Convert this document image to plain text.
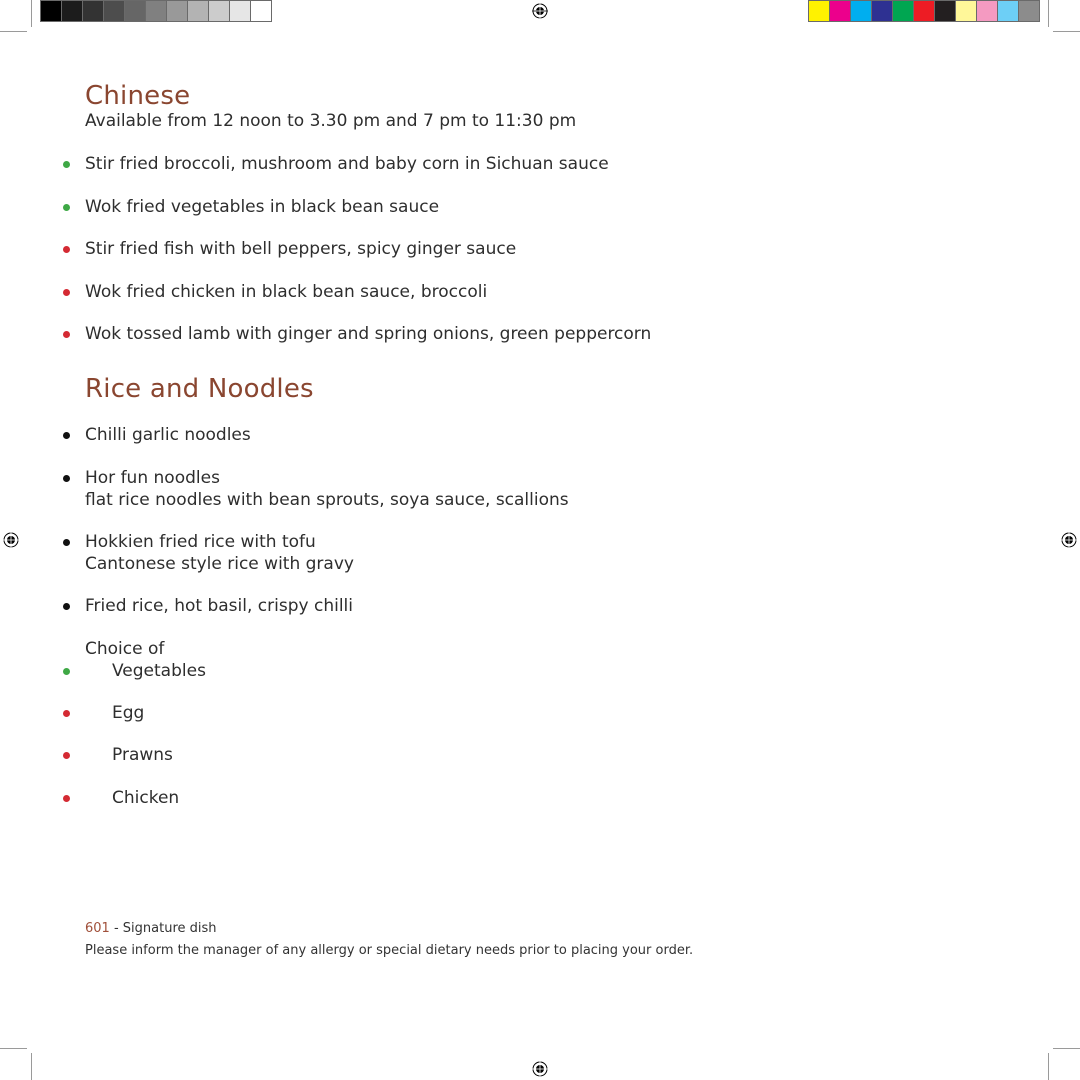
Chinese
Available from 12 noon to 3.30 pm and 7 pm to 11:30 pm
Stir fried broccoli, mushroom and baby corn in Sichuan sauce
Wok fried vegetables in black bean sauce
Stir fried fish with bell peppers, spicy ginger sauce
Wok fried chicken in black bean sauce, broccoli
Wok tossed lamb with ginger and spring onions, green peppercorn
Rice and Noodles
Chilli garlic noodles
Hor fun noodles
flat rice noodles with bean sprouts, soya sauce, scallions
Hokkien fried rice with tofu
Cantonese style rice with gravy
Fried rice, hot basil, crispy chilli
Choice of
Vegetables
Egg
Prawns
Chicken
601 - Signature dish
Please inform the manager of any allergy or special dietary needs prior to placing your order.
